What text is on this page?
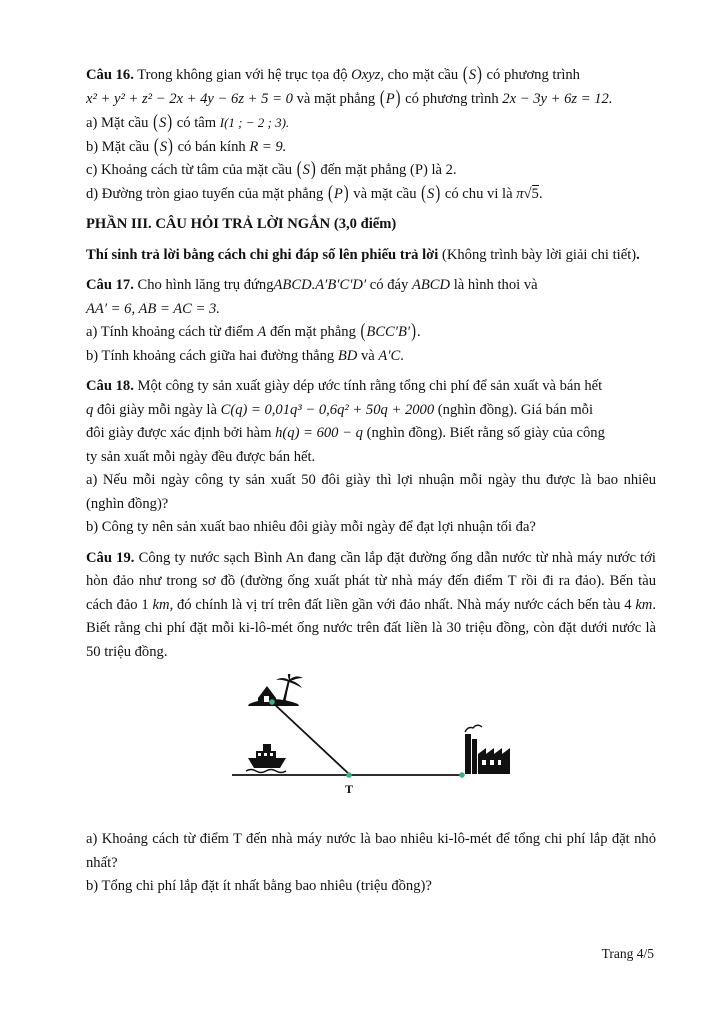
Câu 16. Trong không gian với hệ trục tọa độ Oxyz, cho mặt cầu (S) có phương trình

x² + y² + z² − 2x + 4y − 6z + 5 = 0 và mặt phẳng (P) có phương trình 2x − 3y + 6z = 12.

a) Mặt cầu (S) có tâm I(1 ; − 2 ; 3).

b) Mặt cầu (S) có bán kính R = 9.

c) Khoảng cách từ tâm của mặt cầu (S) đến mặt phẳng (P) là 2.

d) Đường tròn giao tuyến của mặt phẳng (P) và mặt cầu (S) có chu vi là π√5.

PHẦN III. CÂU HỎI TRẢ LỜI NGẮN (3,0 điểm)

Thí sinh trả lời bằng cách chỉ ghi đáp số lên phiếu trả lời (Không trình bày lời giải chi tiết).

Câu 17. Cho hình lăng trụ đứngABCD.A′B′C′D′ có đáy ABCD là hình thoi và

AA′ = 6, AB = AC = 3.

a) Tính khoảng cách từ điểm A đến mặt phẳng (BCC′B′).

b) Tính khoảng cách giữa hai đường thẳng BD và A′C.

Câu 18. Một công ty sản xuất giày dép ước tính rằng tổng chi phí để sản xuất và bán hết

q đôi giày mỗi ngày là C(q) = 0,01q³ − 0,6q² + 50q + 2000 (nghìn đồng). Giá bán mỗi

đôi giày được xác định bởi hàm h(q) = 600 − q (nghìn đồng). Biết rằng số giày của công

ty sản xuất mỗi ngày đều được bán hết.

a) Nếu mỗi ngày công ty sản xuất 50 đôi giày thì lợi nhuận mỗi ngày thu được là bao nhiêu (nghìn đồng)?

b) Công ty nên sản xuất bao nhiêu đôi giày mỗi ngày để đạt lợi nhuận tối đa?

Câu 19. Công ty nước sạch Bình An đang cần lắp đặt đường ống dẫn nước từ nhà máy nước tới hòn đảo như trong sơ đồ (đường ống xuất phát từ nhà máy đến điểm T rồi đi ra đảo). Bến tàu cách đảo 1 km, đó chính là vị trí trên đất liền gần với đảo nhất. Nhà máy nước cách bến tàu 4 km. Biết rằng chi phí đặt mỗi ki-lô-mét ống nước trên đất liền là 30 triệu đồng, còn đặt dưới nước là 50 triệu đồng.

T

a) Khoảng cách từ điểm T đến nhà máy nước là bao nhiêu ki-lô-mét để tổng chi phí lắp đặt nhỏ nhất?

b) Tổng chi phí lắp đặt ít nhất bằng bao nhiêu (triệu đồng)?

Trang 4/5
